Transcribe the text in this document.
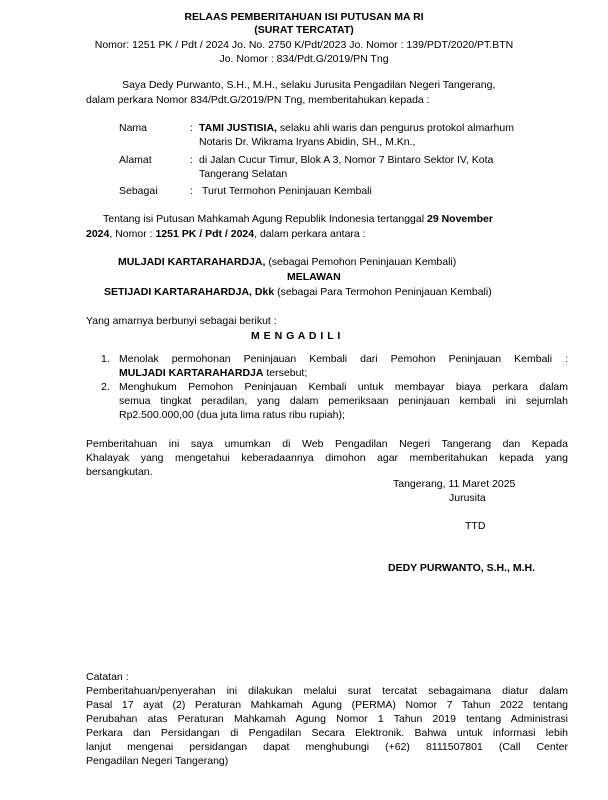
RELAAS PEMBERITAHUAN ISI PUTUSAN MA RI
(SURAT TERCATAT)
Nomor: 1251 PK / Pdt / 2024 Jo. No. 2750 K/Pdt/2023 Jo. Nomor : 139/PDT/2020/PT.BTN
Jo. Nomor : 834/Pdt.G/2019/PN Tng
Saya Dedy Purwanto, S.H., M.H., selaku Jurusita Pengadilan Negeri Tangerang,
dalam perkara Nomor 834/Pdt.G/2019/PN Tng, memberitahukan kepada :
Nama	: TAMI JUSTISIA, selaku ahli waris dan pengurus protokol almarhum
Notaris Dr. Wikrama Iryans Abidin, SH., M.Kn.,
Alamat	: di Jalan Cucur Timur, Blok A 3, Nomor 7 Bintaro Sektor IV, Kota
Tangerang Selatan
Sebagai	: Turut Termohon Peninjauan Kembali
Tentang isi Putusan Mahkamah Agung Republik Indonesia tertanggal 29 November
2024, Nomor : 1251 PK / Pdt / 2024, dalam perkara antara :
MULJADI KARTARAHARDJA, (sebagai Pemohon Peninjauan Kembali)
MELAWAN
SETIJADI KARTARAHARDJA, Dkk (sebagai Para Termohon Peninjauan Kembali)
Yang amarnya berbunyi sebagai berikut :
M E N G A D I L I
1. Menolak permohonan Peninjauan Kembali dari Pemohon Peninjauan Kembali :
MULJADI KARTARAHARDJA tersebut;
2. Menghukum Pemohon Peninjauan Kembali untuk membayar biaya perkara dalam
semua tingkat peradilan, yang dalam pemeriksaan peninjauan kembali ini sejumlah
Rp2.500.000,00 (dua juta lima ratus ribu rupiah);
Pemberitahuan ini saya umumkan di Web Pengadilan Negeri Tangerang dan Kepada
Khalayak yang mengetahui keberadaannya dimohon agar memberitahukan kepada yang
bersangkutan.
Tangerang, 11 Maret 2025
Jurusita
TTD
DEDY PURWANTO, S.H., M.H.
Catatan :
Pemberitahuan/penyerahan ini dilakukan melalui surat tercatat sebagaimana diatur dalam
Pasal 17 ayat (2) Peraturan Mahkamah Agung (PERMA) Nomor 7 Tahun 2022 tentang
Perubahan atas Peraturan Mahkamah Agung Nomor 1 Tahun 2019 tentang Administrasi
Perkara dan Persidangan di Pengadilan Secara Elektronik. Bahwa untuk informasi lebih
lanjut mengenai persidangan dapat menghubungi (+62) 8111507801 (Call Center
Pengadilan Negeri Tangerang)
